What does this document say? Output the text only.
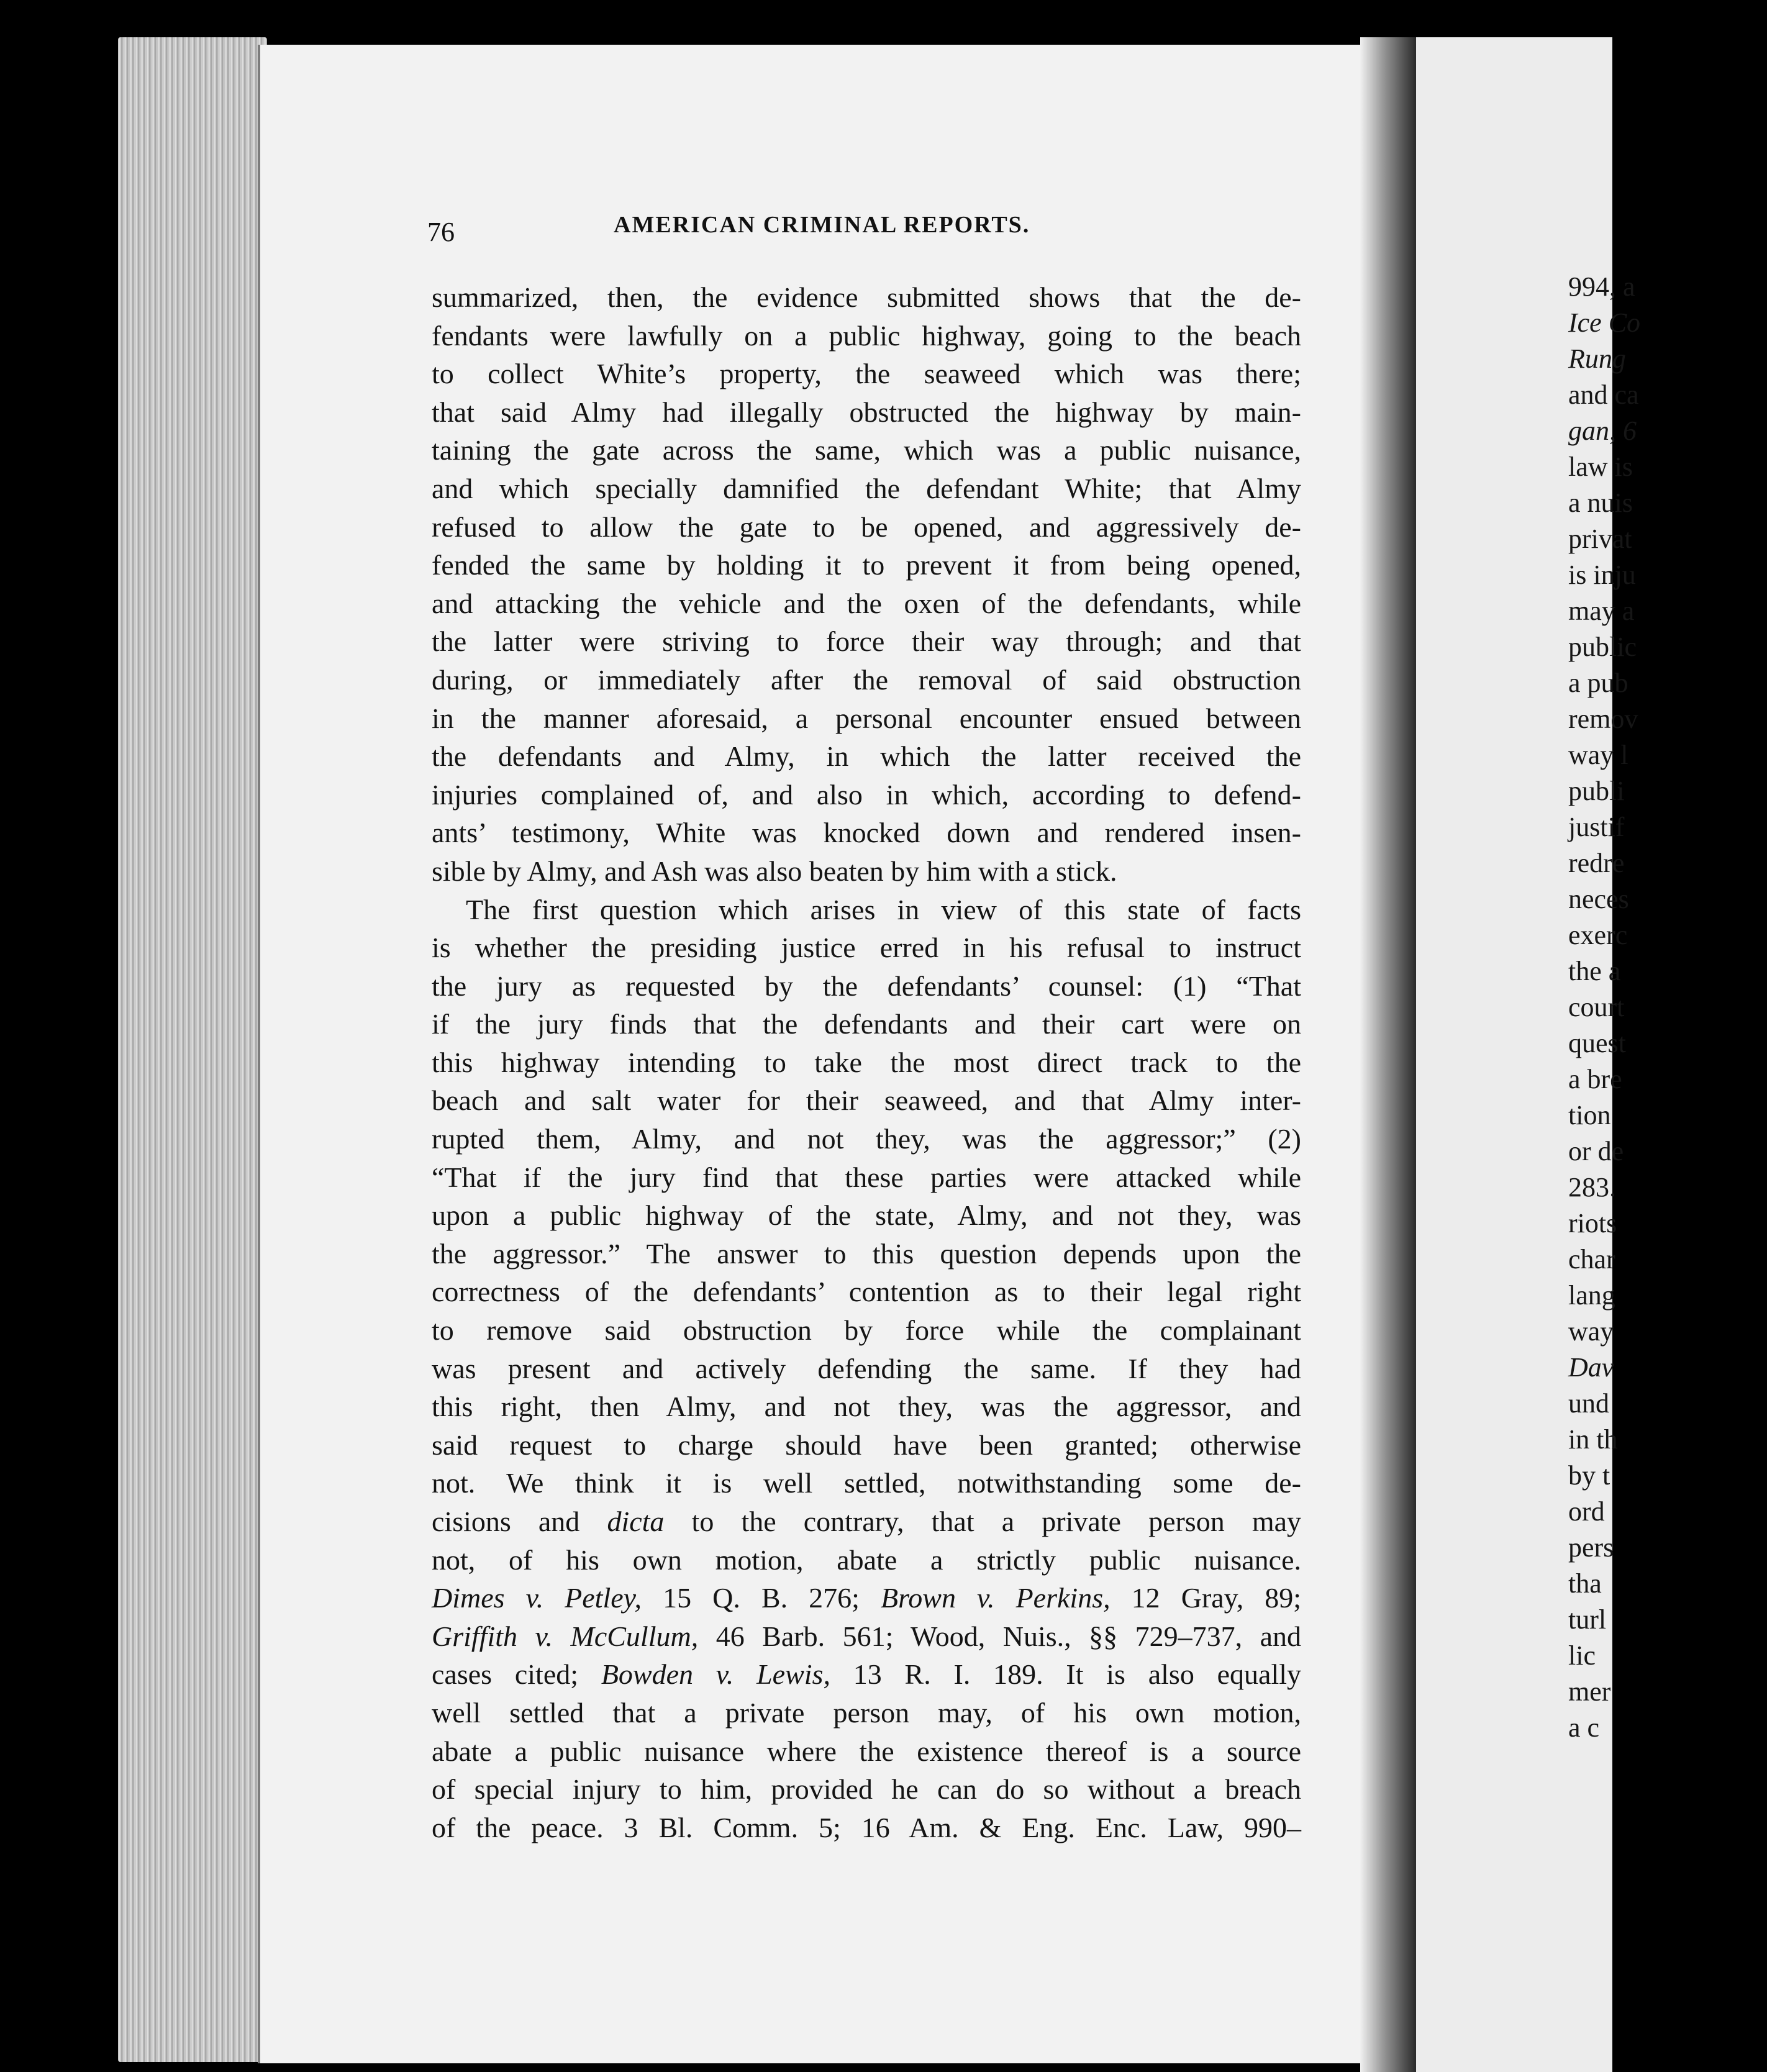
76	AMERICAN CRIMINAL REPORTS.
summarized, then, the evidence submitted shows that the de-
fendants were lawfully on a public highway, going to the beach
to collect White’s property, the seaweed which was there;
that said Almy had illegally obstructed the highway by main-
taining the gate across the same, which was a public nuisance,
and which specially damnified the defendant White; that Almy
refused to allow the gate to be opened, and aggressively de-
fended the same by holding it to prevent it from being opened,
and attacking the vehicle and the oxen of the defendants, while
the latter were striving to force their way through; and that
during, or immediately after the removal of said obstruction
in the manner aforesaid, a personal encounter ensued between
the defendants and Almy, in which the latter received the
injuries complained of, and also in which, according to defend-
ants’ testimony, White was knocked down and rendered insen-
sible by Almy, and Ash was also beaten by him with a stick.
The first question which arises in view of this state of facts
is whether the presiding justice erred in his refusal to instruct
the jury as requested by the defendants’ counsel: (1) “That
if the jury finds that the defendants and their cart were on
this highway intending to take the most direct track to the
beach and salt water for their seaweed, and that Almy inter-
rupted them, Almy, and not they, was the aggressor;” (2)
“That if the jury find that these parties were attacked while
upon a public highway of the state, Almy, and not they, was
the aggressor.” The answer to this question depends upon the
correctness of the defendants’ contention as to their legal right
to remove said obstruction by force while the complainant
was present and actively defending the same. If they had
this right, then Almy, and not they, was the aggressor, and
said request to charge should have been granted; otherwise
not. We think it is well settled, notwithstanding some de-
cisions and dicta to the contrary, that a private person may
not, of his own motion, abate a strictly public nuisance.
Dimes v. Petley, 15 Q. B. 276; Brown v. Perkins, 12 Gray, 89;
Griffith v. McCullum, 46 Barb. 561; Wood, Nuis., §§ 729–737, and
cases cited; Bowden v. Lewis, 13 R. I. 189. It is also equally
well settled that a private person may, of his own motion,
abate a public nuisance where the existence thereof is a source
of special injury to him, provided he can do so without a breach
of the peace. 3 Bl. Comm. 5; 16 Am. & Eng. Enc. Law, 990–
994, a
Ice Co
Rung
and ca
gan, 6
law is
a nuis
privat
is inju
may a
public
a pub
remov
way l
publi
justif
redre
neces
exerc
the a
court
quest
a bre
tion
or de
283.
riots
char
lang
way
Dav
und
in th
by t
ord
pers
tha
turl
lic
mer
a c
